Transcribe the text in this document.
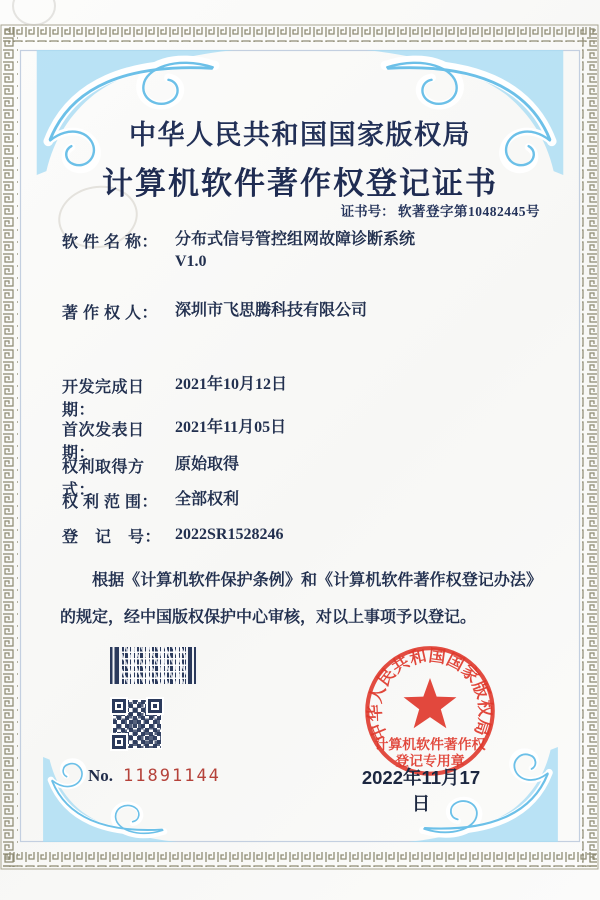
中华人民共和国国家版权局
计算机软件著作权登记证书
证书号： 软著登字第10482445号
软 件 名 称：	分布式信号管控组网故障诊断系统
V1.0
著 作 权 人：	深圳市飞思腾科技有限公司
开发完成日期：
2021年10月12日
首次发表日期：
2021年11月05日
权利取得方式：
原始取得
权 利 范 围：	全部权利
登　记　号： 2022SR1528246
根据《计算机软件保护条例》和《计算机软件著作权登记办法》的规定，经中国版权保护中心审核，对以上事项予以登记。
No. 11891144
中华人民共和国国家版权局
计算机软件著作权
登记专用章
2022年11月17日
